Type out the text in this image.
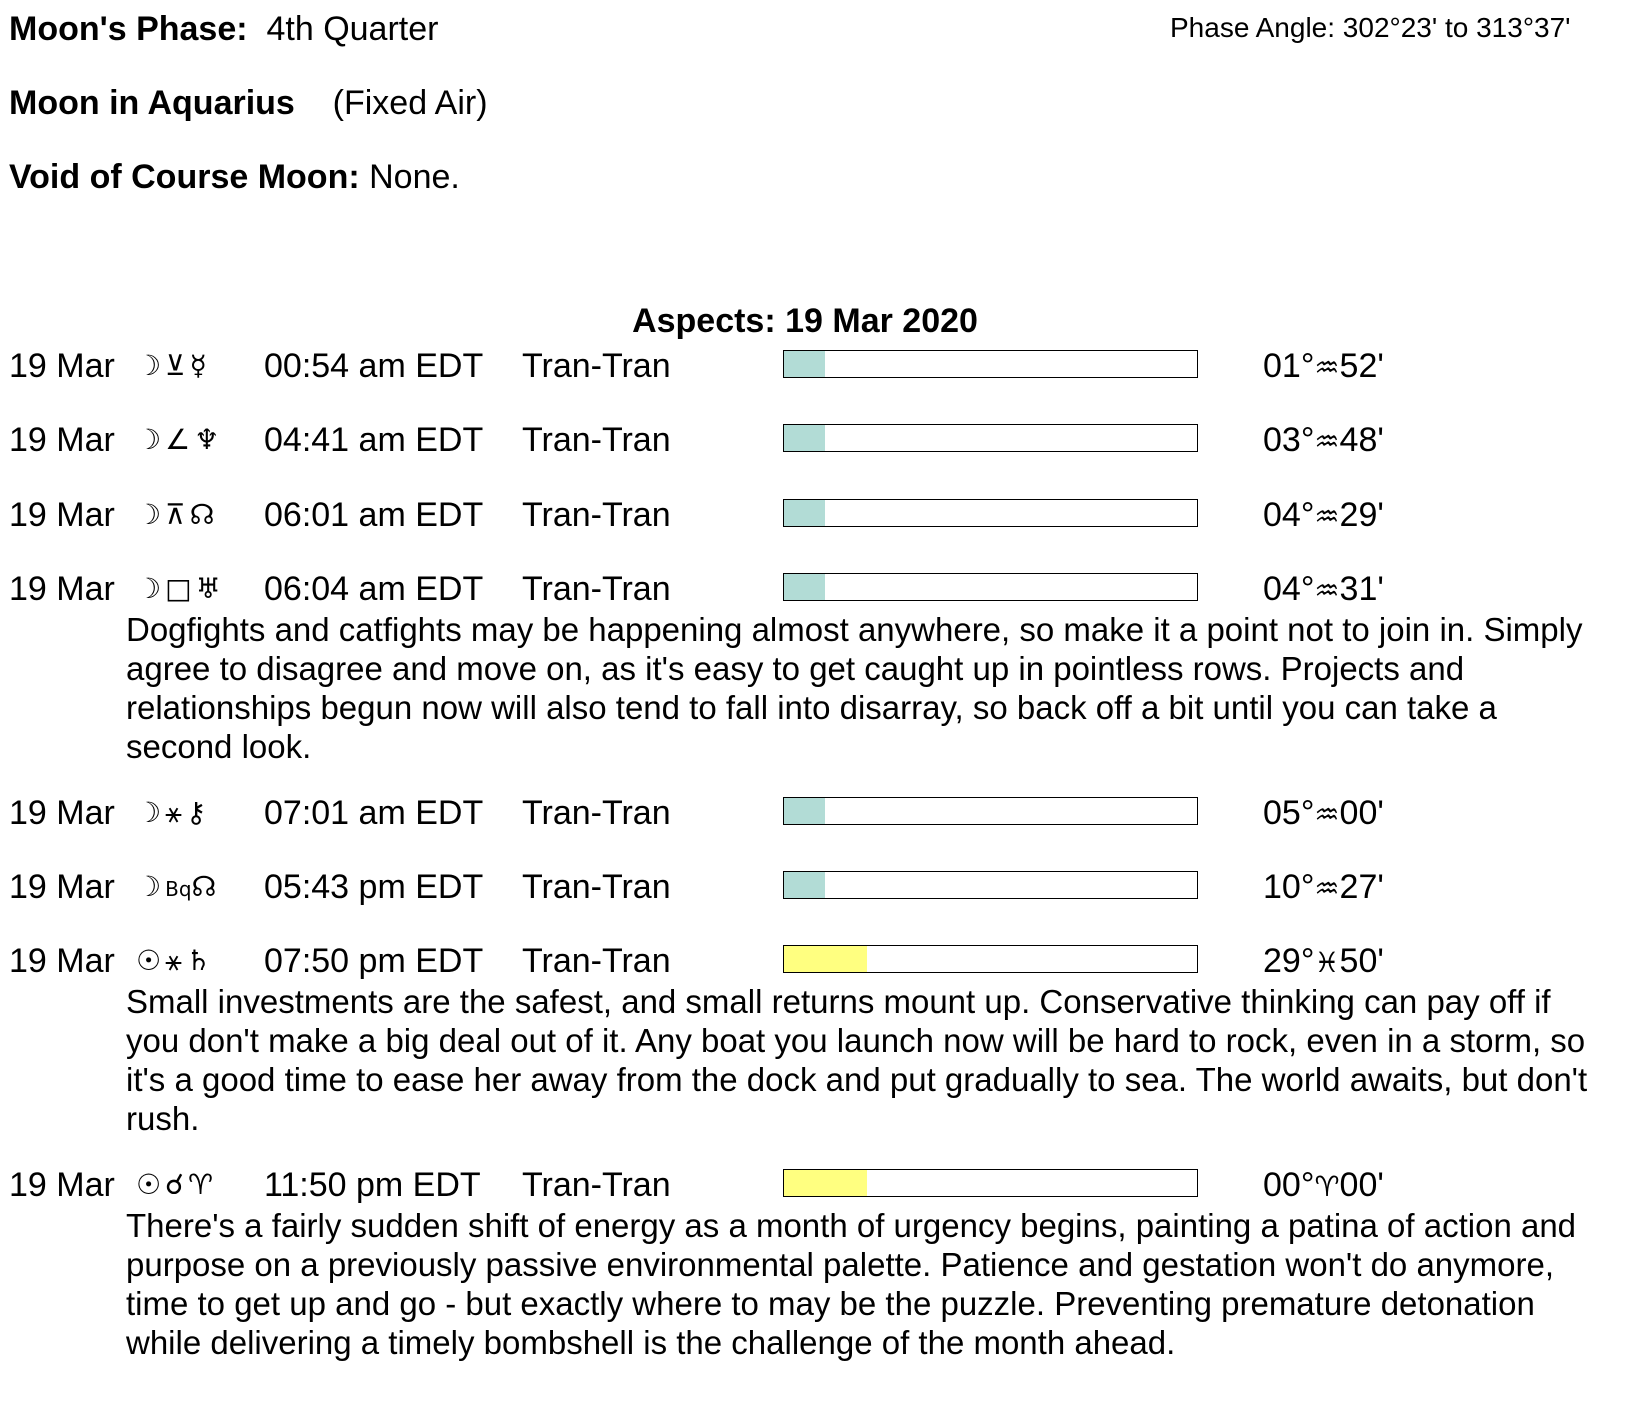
Moon's Phase: 4th Quarter	Phase Angle: 302°23' to 313°37'
Moon in Aquarius (Fixed Air)
Void of Course Moon: None.
Aspects: 19 Mar 2020
19 Mar ☽⊻☿	00:54 am EDT Tran-Tran	01°♒52'
19 Mar ☽∠♆	04:41 am EDT Tran-Tran	03°♒48'
19 Mar ☽⊼☊	06:01 am EDT Tran-Tran	04°♒29'
19 Mar ☽□♅	06:04 am EDT Tran-Tran	04°♒31'
Dogfights and catfights may be happening almost anywhere, so make it a point not to join in. Simply agree to disagree and move on, as it's easy to get caught up in pointless rows. Projects and relationships begun now will also tend to fall into disarray, so back off a bit until you can take a second look.
19 Mar ☽⚹⚷	07:01 am EDT Tran-Tran	05°♒00'
19 Mar ☽Bq☊	05:43 pm EDT Tran-Tran	10°♒27'
19 Mar ☉⚹♄	07:50 pm EDT Tran-Tran	29°♓50'
Small investments are the safest, and small returns mount up. Conservative thinking can pay off if you don't make a big deal out of it. Any boat you launch now will be hard to rock, even in a storm, so it's a good time to ease her away from the dock and put gradually to sea. The world awaits, but don't rush.
19 Mar ☉☌♈	11:50 pm EDT Tran-Tran	00°♈00'
There's a fairly sudden shift of energy as a month of urgency begins, painting a patina of action and purpose on a previously passive environmental palette. Patience and gestation won't do anymore, time to get up and go - but exactly where to may be the puzzle. Preventing premature detonation while delivering a timely bombshell is the challenge of the month ahead.
